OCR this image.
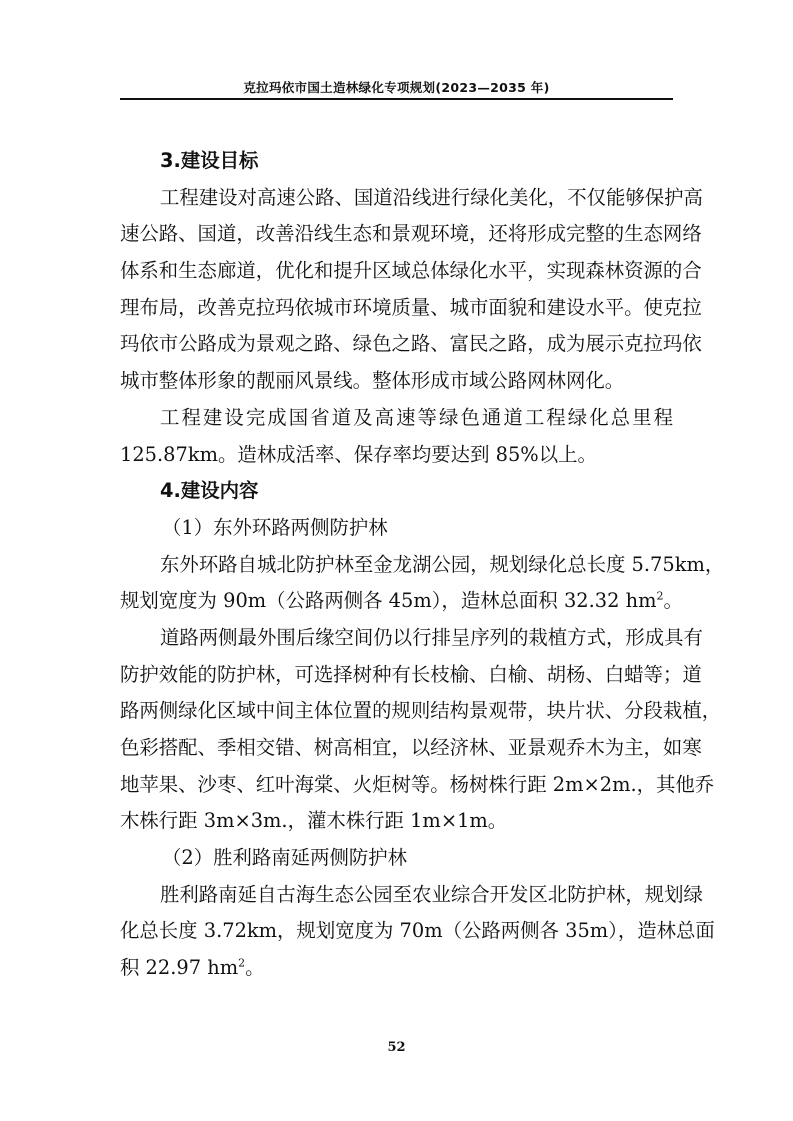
克拉玛依市国土造林绿化专项规划(2023—2035 年)
3.建设目标
工程建设对高速公路、国道沿线进行绿化美化，不仅能够保护高
速公路、国道，改善沿线生态和景观环境，还将形成完整的生态网络
体系和生态廊道，优化和提升区域总体绿化水平，实现森林资源的合
理布局，改善克拉玛依城市环境质量、城市面貌和建设水平。使克拉
玛依市公路成为景观之路、绿色之路、富民之路，成为展示克拉玛依
城市整体形象的靓丽风景线。整体形成市域公路网林网化。
工程建设完成国省道及高速等绿色通道工程绿化总里程
125.87km。造林成活率、保存率均要达到 85%以上。
4.建设内容
（1）东外环路两侧防护林
东外环路自城北防护林至金龙湖公园，规划绿化总长度 5.75km，
规划宽度为 90m（公路两侧各 45m），造林总面积 32.32 $hm^2$。
道路两侧最外围后缘空间仍以行排呈序列的栽植方式，形成具有
防护效能的防护林，可选择树种有长枝榆、白榆、胡杨、白蜡等；道
路两侧绿化区域中间主体位置的规则结构景观带，块片状、分段栽植，
色彩搭配、季相交错、树高相宜，以经济林、亚景观乔木为主，如寒
地苹果、沙枣、红叶海棠、火炬树等。杨树株行距 2m×2m.，其他乔
木株行距 3m×3m.，灌木株行距 1m×1m。
（2）胜利路南延两侧防护林
胜利路南延自古海生态公园至农业综合开发区北防护林，规划绿
化总长度 3.72km，规划宽度为 70m（公路两侧各 35m），造林总面
积 22.97 $hm^2$。
52
